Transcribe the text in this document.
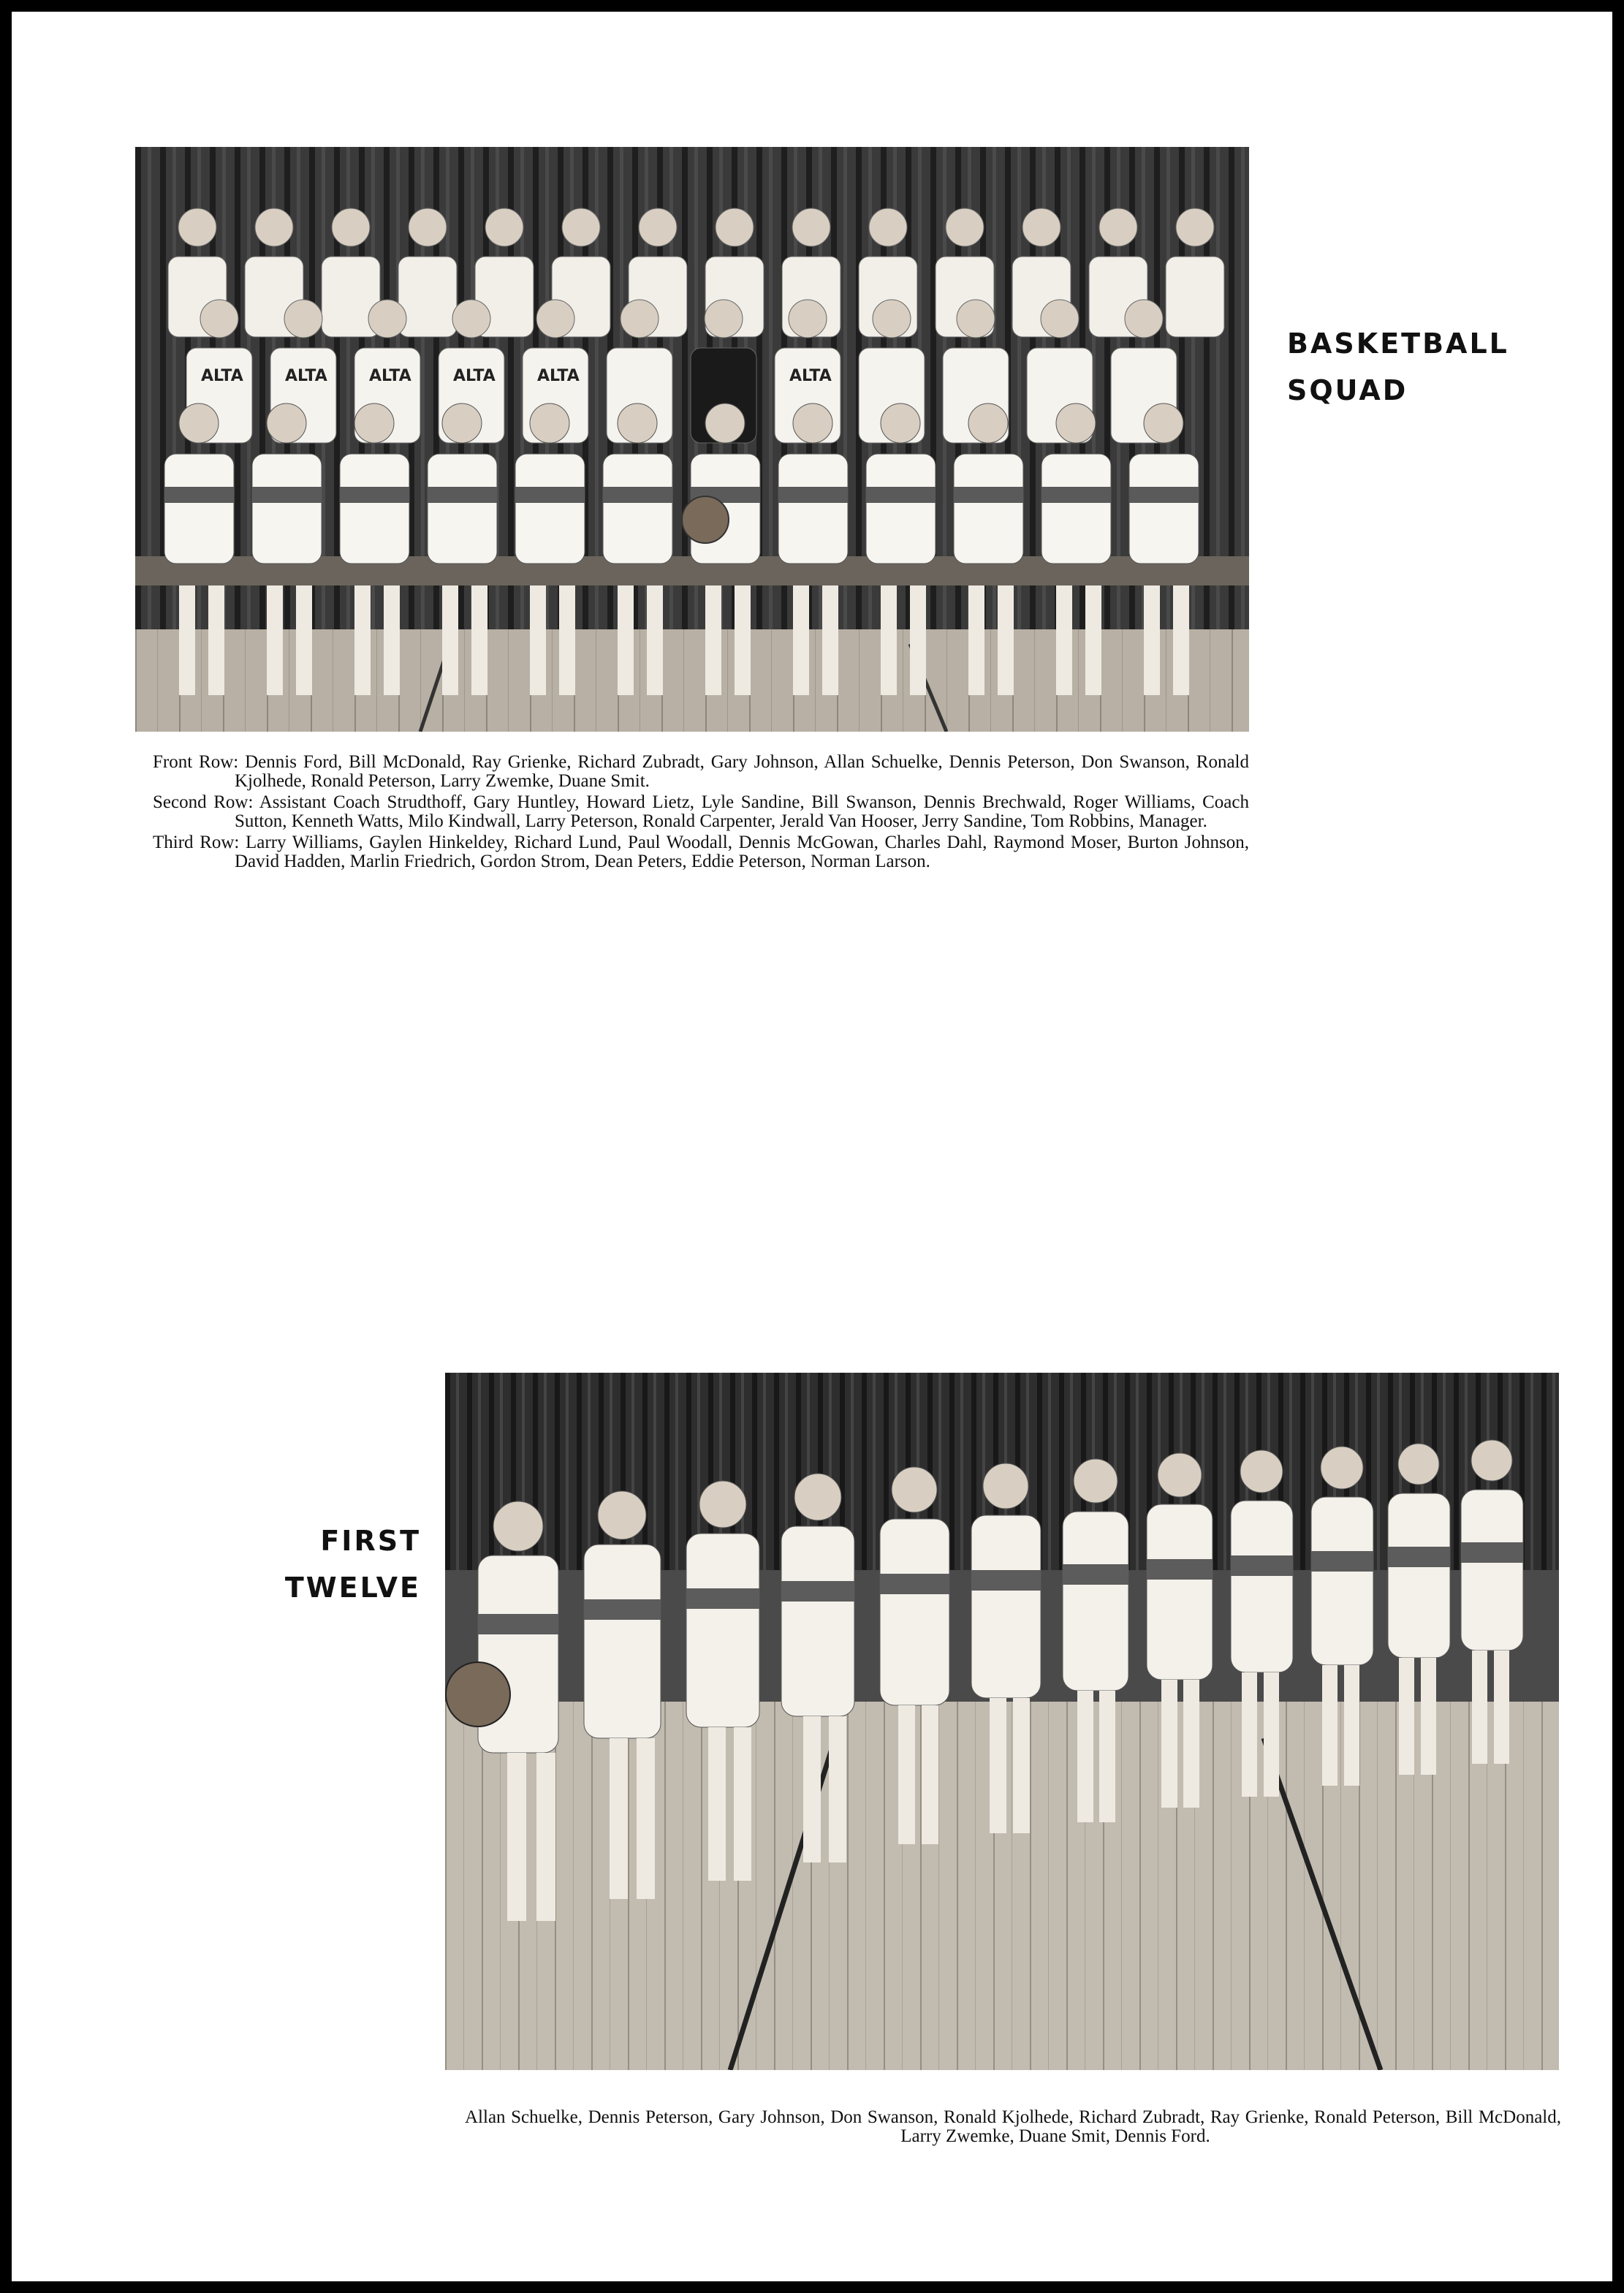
ALTA	ALTA	ALTA	ALTA	ALTA	ALTA
BASKETBALL
SQUAD

Front Row: Dennis Ford, Bill McDonald, Ray Grienke, Richard Zubradt, Gary Johnson, Allan Schuelke, Dennis Peterson, Don Swanson, Ronald Kjolhede, Ronald Peterson, Larry Zwemke, Duane Smit.

Second Row: Assistant Coach Strudthoff, Gary Huntley, Howard Lietz, Lyle Sandine, Bill Swanson, Dennis Brechwald, Roger Williams, Coach Sutton, Kenneth Watts, Milo Kindwall, Larry Peterson, Ronald Carpenter, Jerald Van Hooser, Jerry Sandine, Tom Robbins, Manager.

Third Row: Larry Williams, Gaylen Hinkeldey, Richard Lund, Paul Woodall, Dennis McGowan, Charles Dahl, Raymond Moser, Burton Johnson, David Hadden, Marlin Friedrich, Gordon Strom, Dean Peters, Eddie Peterson, Norman Larson.

FIRST
TWELVE

Allan Schuelke, Dennis Peterson, Gary Johnson, Don Swanson, Ronald Kjolhede, Richard Zubradt, Ray Grienke, Ronald Peterson, Bill McDonald, Larry Zwemke, Duane Smit, Dennis Ford.
